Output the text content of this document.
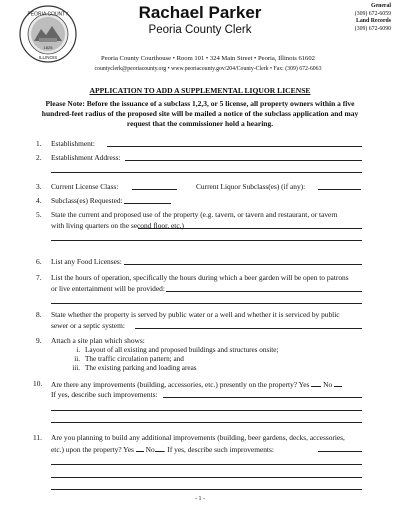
PEORIA COUNTY
ILLINOIS
1825
Rachael Parker
Peoria County Clerk
Peoria County Courthouse • Room 101 • 324 Main Street • Peoria, Illinois 61602
countyclerk@peoriacounty.org • www.peoriacounty.gov/204/County-Clerk • Fax: (309) 672-6063
General
(309) 672-6059
Land Records
(309) 672-6090
APPLICATION TO ADD A SUPPLEMENTAL LIQUOR LICENSE
Please Note: Before the issuance of a subclass 1,2,3, or 5 license, all property owners within a five hundred-feet radius of the proposed site will be mailed a notice of the subclass application and may request that the commissioner hold a hearing.
1. Establishment:
2. Establishment Address:
3. Current License Class:	Current Liquor Subclass(es) (if any):
4. Subclass(es) Requested:
5. State the current and proposed use of the property (e.g. tavern, or tavern and restaurant, or tavern
with living quarters on the second floor, etc.)
6. List any Food Licenses:
7. List the hours of operation, specifically the hours during which a beer garden will be open to patrons
or live entertainment will be provided:
8. State whether the property is served by public water or a well and whether it is serviced by public
sewer or a septic system:
9. Attach a site plan which shows:
i. Layout of all existing and proposed buildings and structures onsite;
ii. The traffic circulation pattern; and
iii. The existing parking and loading areas
10. Are there any improvements (building, accessories, etc.) presently on the property? Yes No
If yes, describe such improvements:
11. Are you planning to build any additional improvements (building, beer gardens, decks, accessories,
etc.) upon the property? Yes No . If yes, describe such improvements:
- 1 -
